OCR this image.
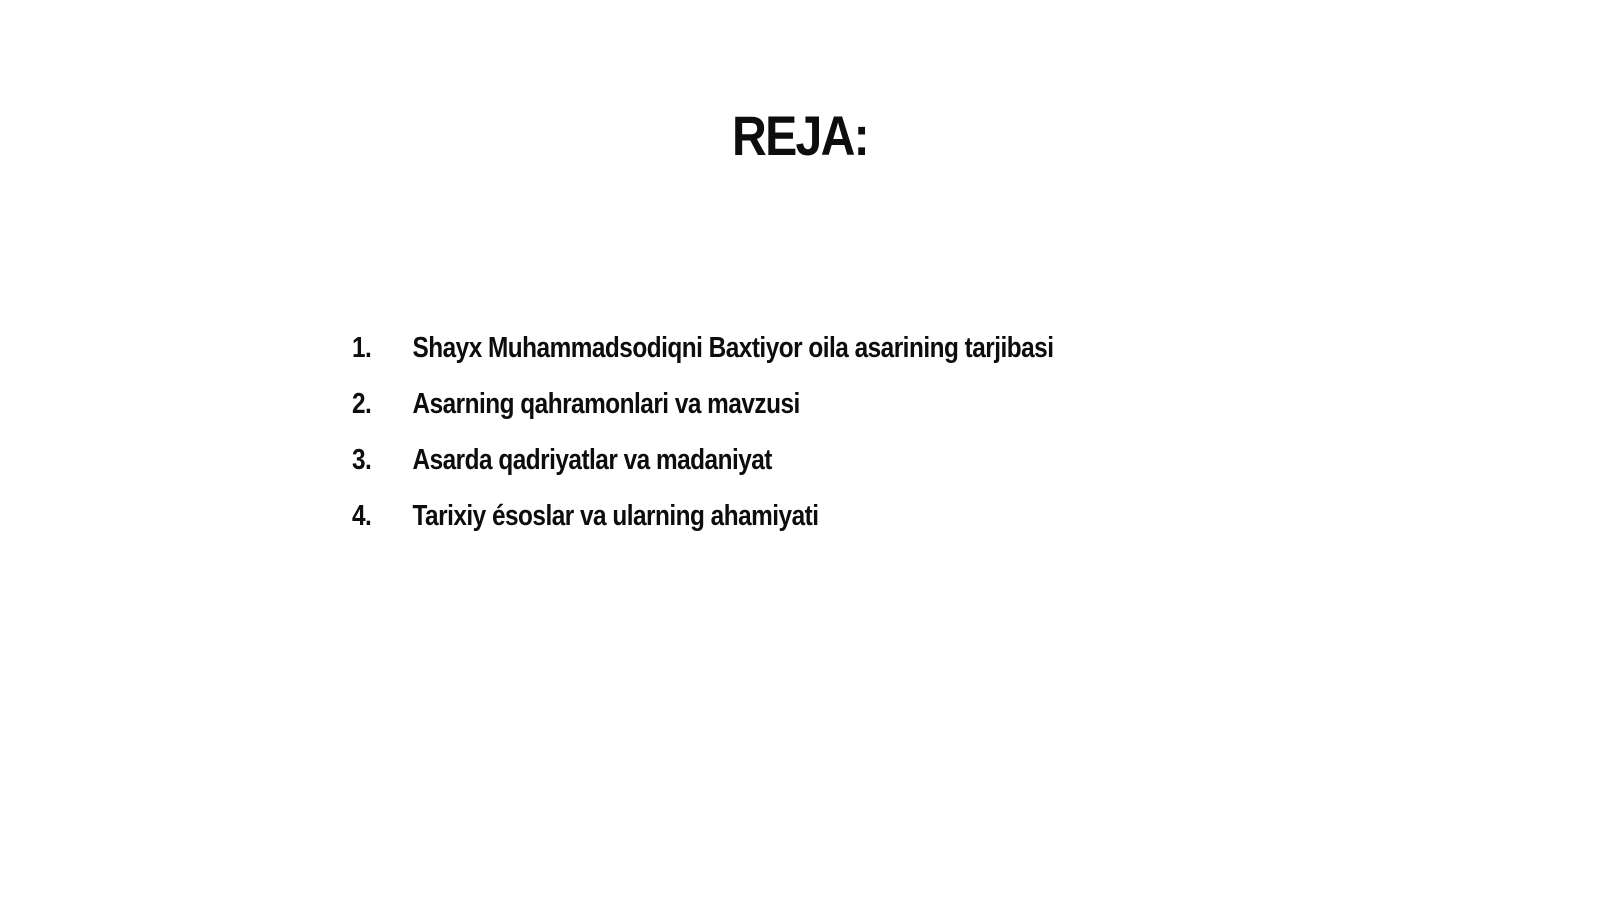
REJA:
1.	Shayx Muhammadsodiqni Baxtiyor oila asarining tarjibasi
2.	Asarning qahramonlari va mavzusi
3.	Asarda qadriyatlar va madaniyat
4.	Tarixiy ésoslar va ularning ahamiyati
